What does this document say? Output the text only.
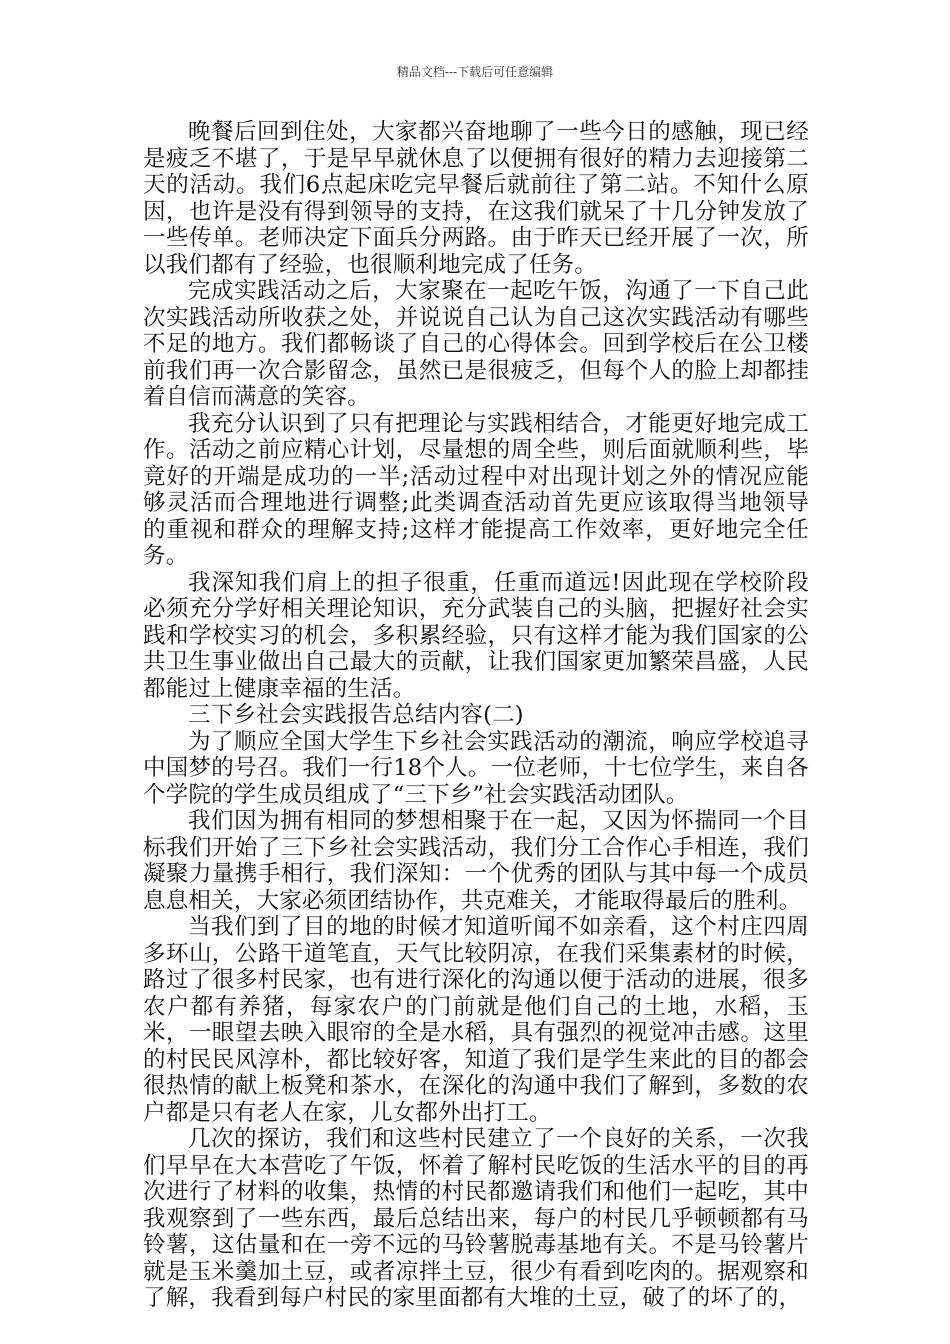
精品文档---下载后可任意编辑

晚餐后回到住处，大家都兴奋地聊了一些今日的感触，现已经是疲乏不堪了，于是早早就休息了以便拥有很好的精力去迎接第二天的活动。我们6点起床吃完早餐后就前往了第二站。不知什么原因，也许是没有得到领导的支持，在这我们就呆了十几分钟发放了一些传单。老师决定下面兵分两路。由于昨天已经开展了一次，所以我们都有了经验，也很顺利地完成了任务。

完成实践活动之后，大家聚在一起吃午饭，沟通了一下自己此次实践活动所收获之处，并说说自己认为自己这次实践活动有哪些不足的地方。我们都畅谈了自己的心得体会。回到学校后在公卫楼前我们再一次合影留念，虽然已是很疲乏，但每个人的脸上却都挂着自信而满意的笑容。

我充分认识到了只有把理论与实践相结合，才能更好地完成工作。活动之前应精心计划，尽量想的周全些，则后面就顺利些，毕竟好的开端是成功的一半;活动过程中对出现计划之外的情况应能够灵活而合理地进行调整;此类调查活动首先更应该取得当地领导的重视和群众的理解支持;这样才能提高工作效率，更好地完全任务。

我深知我们肩上的担子很重，任重而道远!因此现在学校阶段必须充分学好相关理论知识，充分武装自己的头脑，把握好社会实践和学校实习的机会，多积累经验，只有这样才能为我们国家的公共卫生事业做出自己最大的贡献，让我们国家更加繁荣昌盛，人民都能过上健康幸福的生活。

三下乡社会实践报告总结内容(二)

为了顺应全国大学生下乡社会实践活动的潮流，响应学校追寻中国梦的号召。我们一行18个人。一位老师，十七位学生，来自各个学院的学生成员组成了“三下乡”社会实践活动团队。

我们因为拥有相同的梦想相聚于在一起，又因为怀揣同一个目标我们开始了三下乡社会实践活动，我们分工合作心手相连，我们凝聚力量携手相行，我们深知：一个优秀的团队与其中每一个成员息息相关，大家必须团结协作，共克难关，才能取得最后的胜利。

当我们到了目的地的时候才知道听闻不如亲看，这个村庄四周多环山，公路干道笔直，天气比较阴凉，在我们采集素材的时候，路过了很多村民家，也有进行深化的沟通以便于活动的进展，很多农户都有养猪，每家农户的门前就是他们自己的土地，水稻，玉米，一眼望去映入眼帘的全是水稻，具有强烈的视觉冲击感。这里的村民民风淳朴，都比较好客，知道了我们是学生来此的目的都会很热情的献上板凳和茶水，在深化的沟通中我们了解到，多数的农户都是只有老人在家，儿女都外出打工。

几次的探访，我们和这些村民建立了一个良好的关系，一次我们早早在大本营吃了午饭，怀着了解村民吃饭的生活水平的目的再次进行了材料的收集，热情的村民都邀请我们和他们一起吃，其中我观察到了一些东西，最后总结出来，每户的村民几乎顿顿都有马铃薯，这估量和在一旁不远的马铃薯脱毒基地有关。不是马铃薯片就是玉米羹加土豆，或者凉拌土豆，很少有看到吃肉的。据观察和了解，我看到每户村民的家里面都有大堆的土豆，破了的坏了的，
